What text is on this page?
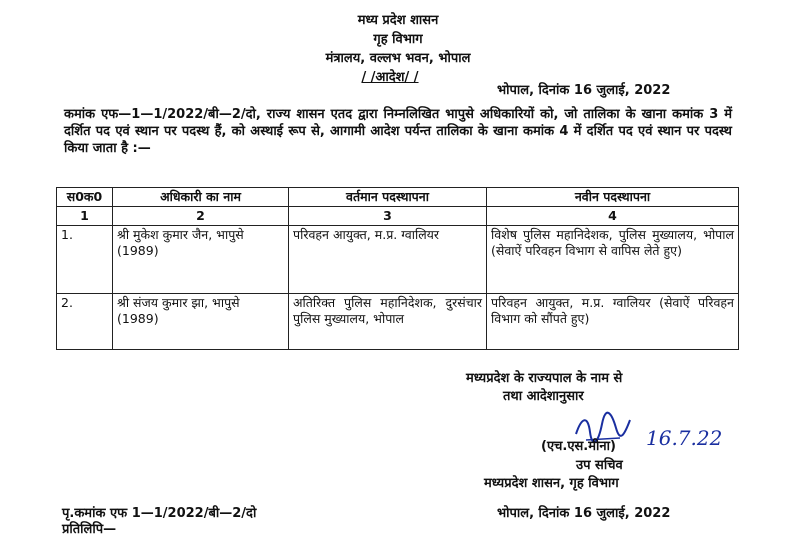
मध्य प्रदेश शासन
गृह विभाग
मंत्रालय, वल्लभ भवन, भोपाल
/ /आदेश/ /
भोपाल, दिनांक 16 जुलाई, 2022
कमांक एफ—1—1/2022/बी—2/दो, राज्य शासन एतद द्वारा निम्नलिखित भापुसे अधिकारियों को, जो तालिका के खाना कमांक 3 में दर्शित पद एवं स्थान पर पदस्थ हैं, को अस्थाई रूप से, आगामी आदेश पर्यन्त तालिका के खाना कमांक 4 में दर्शित पद एवं स्थान पर पदस्थ किया जाता है :—
स0क0	अधिकारी का नाम	वर्तमान पदस्थापना	नवीन पदस्थापना
1	2	3	4
1.	श्री मुकेश कुमार जैन, भापुसे (1989)	परिवहन आयुक्त, म.प्र. ग्वालियर	विशेष पुलिस महानिदेशक, पुलिस मुख्यालय, भोपाल (सेवाऐं परिवहन विभाग से वापिस लेते हुए)
2.	श्री संजय कुमार झा, भापुसे (1989)	अतिरिक्त पुलिस महानिदेशक, दुरसंचार पुलिस मुख्यालय, भोपाल	परिवहन आयुक्त, म.प्र. ग्वालियर (सेवाऐं परिवहन विभाग को सौंपते हुए)
मध्यप्रदेश के राज्यपाल के नाम से
तथा आदेशानुसार
16.7.22
(एच.एस.मीना)
उप सचिव
मध्यप्रदेश शासन, गृह विभाग
पृ.कमांक एफ 1—1/2022/बी—2/दो	भोपाल, दिनांक 16 जुलाई, 2022
प्रतिलिपि—
